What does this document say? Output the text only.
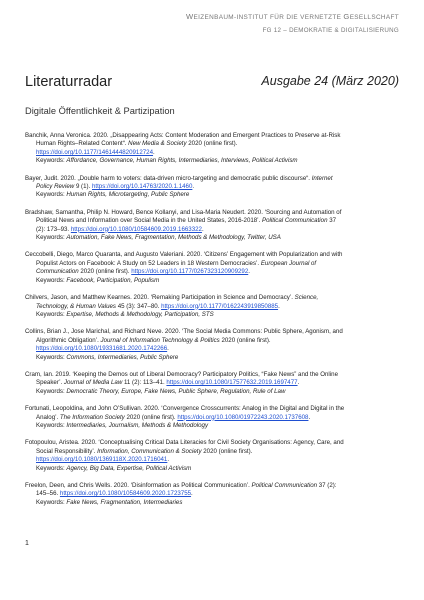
WEIZENBAUM-INSTITUT FÜR DIE VERNETZTE GESELLSCHAFT
FG 12 – DEMOKRATIE & DIGITALISIERUNG
Literaturradar	Ausgabe 24 (März 2020)
Digitale Öffentlichkeit & Partizipation
Banchik, Anna Veronica. 2020. „Disappearing Acts: Content Moderation and Emergent Practices to Preserve at-Risk
Human Rights–Related Content“. New Media & Society 2020 (online first).
https://doi.org/10.1177/1461444820912724.
Keywords: Affordance, Governance, Human Rights, Intermediaries, Interviews, Political Activism
Bayer, Judit. 2020. „Double harm to voters: data-driven micro-targeting and democratic public discourse“. Internet
Policy Review 9 (1). https://doi.org/10.14763/2020.1.1460.
Keywords: Human Rights, Microtargeting, Public Sphere
Bradshaw, Samantha, Philip N. Howard, Bence Kollanyi, and Lisa-Maria Neudert. 2020. ‘Sourcing and Automation of
Political News and Information over Social Media in the United States, 2016-2018’. Political Communication 37
(2): 173–93. https://doi.org/10.1080/10584609.2019.1663322.
Keywords: Automation, Fake News, Fragmentation, Methods & Methodology, Twitter, USA
Ceccobelli, Diego, Marco Quaranta, and Augusto Valeriani. 2020. ‘Citizens’ Engagement with Popularization and with
Populist Actors on Facebook: A Study on 52 Leaders in 18 Western Democracies’. European Journal of
Communication 2020 (online first). https://doi.org/10.1177/0267323120909292.
Keywords: Facebook, Participation, Populism
Chilvers, Jason, and Matthew Kearnes. 2020. ‘Remaking Participation in Science and Democracy’. Science,
Technology, & Human Values 45 (3): 347–80. https://doi.org/10.1177/0162243919850885.
Keywords: Expertise, Methods & Methodology, Participation, STS
Collins, Brian J., Jose Marichal, and Richard Neve. 2020. ‘The Social Media Commons: Public Sphere, Agonism, and
Algorithmic Obligation’. Journal of Information Technology & Politics 2020 (online first).
https://doi.org/10.1080/19331681.2020.1742266.
Keywords: Commons, Intermediaries, Public Sphere
Cram, Ian. 2019. ‘Keeping the Demos out of Liberal Democracy? Participatory Politics, “Fake News” and the Online
Speaker’. Journal of Media Law 11 (2): 113–41. https://doi.org/10.1080/17577632.2019.1697477.
Keywords: Democratic Theory, Europe, Fake News, Public Sphere, Regulation, Rule of Law
Fortunati, Leopoldina, and John O’Sullivan. 2020. ‘Convergence Crosscurrents: Analog in the Digital and Digital in the
Analog’. The Information Society 2020 (online first). https://doi.org/10.1080/01972243.2020.1737608.
Keywords: Intermediaries, Journalism, Methods & Methodology
Fotopoulou, Aristea. 2020. ‘Conceptualising Critical Data Literacies for Civil Society Organisations: Agency, Care, and
Social Responsibility’. Information, Communication & Society 2020 (online first).
https://doi.org/10.1080/1369118X.2020.1716041.
Keywords: Agency, Big Data, Expertise, Political Activism
Freelon, Deen, and Chris Wells. 2020. ‘Disinformation as Political Communication’. Political Communication 37 (2):
145–56. https://doi.org/10.1080/10584609.2020.1723755.
Keywords: Fake News, Fragmentation, Intermediaries
1
